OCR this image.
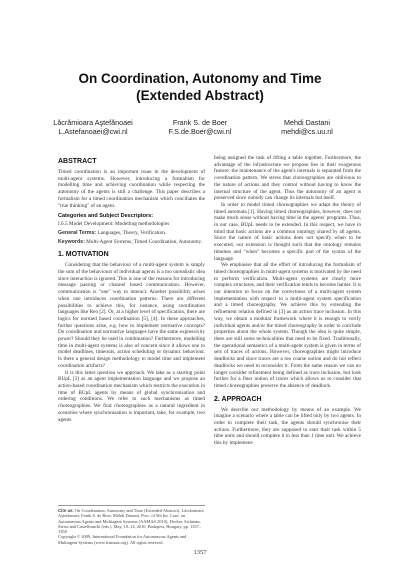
On Coordination, Autonomy and Time
(Extended Abstract)
Lăcrămioara Aştefănoaei
L.Astefanoaei@cwi.nl
Frank S. de Boer
F.S.de.Boer@cwi.nl
Mehdi Dastani
mehdi@cs.uu.nl
ABSTRACT

Timed coordination is an important issue in the development of multi-agent systems. However, introducing a formalism for modelling time and achieving coordination while respecting the autonomy of the agents is still a challenge. This paper describes a formalism for a timed coordination mechanism which conciliates the "true thinking" of an agent.

Categories and Subject Descriptors:

I.6.5 Model Development: Modelling methodologies

General Terms: Languages, Theory, Verification.

Keywords: Multi-Agent Systems, Timed Coordination, Autonomy.

1. MOTIVATION

Considering that the behaviour of a multi-agent system is simply the sum of the behaviours of individual agents is a too unrealistic idea since interaction is ignored. This is one of the reasons for introducing message passing or channel based communication. However, communication is "one" way to interact. Another possibility arises when one introduces coordination patterns. There are different possibilities to achieve this, for instance, using coordination languages like Reo [2]. Or, at a higher level of specification, there are logics for normed based coordination [5], [4]. In these approaches, further questions arise, e.g. how to implement normative concepts? Do coordination and normative languages have the same expressivity power? Should they be used in combination? Furthermore, modelling time in multi-agent systems is also of concern since it allows one to model deadlines, timeouts, action scheduling or dynamic behaviour. Is there a general design methodology to model time and implement coordination artifacts?

It is this latter question we approach. We take as a starting point BUpL [3] as an agent implementation language and we propose an action-based coordination mechanism which restricts the execution in time of BUpL agents by means of global synchronisation and ordering conditions. We refer to such mechanisms as timed choreographies. We find choreographies as a natural ingredient in scenarios where synchronisation is important, take, for example, two agents

Cite as: On Coordination, Autonomy and Time (Extended Abstract), Lăcrămioara Aştefănoaei, Frank S. de Boer, Mehdi Dastani, Proc. of 9th Int. Conf. on Autonomous Agents and Multiagent Systems (AAMAS 2010), Decker, Sichman, Sierra and Castelfranchi (eds.), May, 10–14, 2010, Budapest, Hungary, pp. 1357–1358
Copyright © 2009, International Foundation for Autonomous Agents and Multiagent Systems (www.ifaamas.org). All rights reserved.

being assigned the task of lifting a table together. Furthermore, the advantage of the infrastructure we propose lies in their exogenous feature: the maintenance of the agent's internals is separated from the coordination pattern. We stress that choreographies are oblivious to the nature of actions and they control without having to know the internal structure of the agent. Thus the autonomy of an agent is preserved since nobody can change its internals but itself.

In order to model timed choreographies we adapt the theory of timed automata [1]. Having timed choreographies, however, does not make much sense without having time in the agents' programs. Thus, in our case, BUpL needs to be extended. In this respect, we have in mind that basic actions are a common ontology shared by all agents. Since the nature of basic actions does not specify when to be executed, our extension is thought such that the ontology remains timeless and "when" becomes a specific part of the syntax of the language.

We emphasise that all the effort of introducing the formalism of timed choreographies in multi-agent systems is motivated by the need to perform verification. Multi-agent systems are clearly more complex structures, and their verification tends to become harder. It is our intention to focus on the correctness of a multi-agent system implementation with respect to a multi-agent system specification and a timed choreography. We achieve this by extending the refinement relation defined in [3] as an action trace inclusion. In this way, we obtain a modular framework where it is enough to verify individual agents and/or the timed choreography in order to conclude properties about the whole system. Though the idea is quite simple, there are still some technicalities that need to be fixed. Traditionally, the operational semantics of a multi-agent system is given in terms of sets of traces of actions. However, choreographies might introduce deadlocks and since traces are a too coarse notion and do not reflect deadlocks we need to reconsider it. From the same reason we can no longer consider refinement being defined as trace inclusion, but look further for a finer notion of traces which allows us to consider that timed choreographies preserve the absence of deadlock.

2. APPROACH

We describe our methodology by means of an example. We imagine a scenario where a table can be lifted only by two agents. In order to complete their task, the agents should synchronise their actions. Furthermore, they are supposed to start their task within 5 time units and should complete it in less than 1 time unit. We achieve this by implement-

1357
